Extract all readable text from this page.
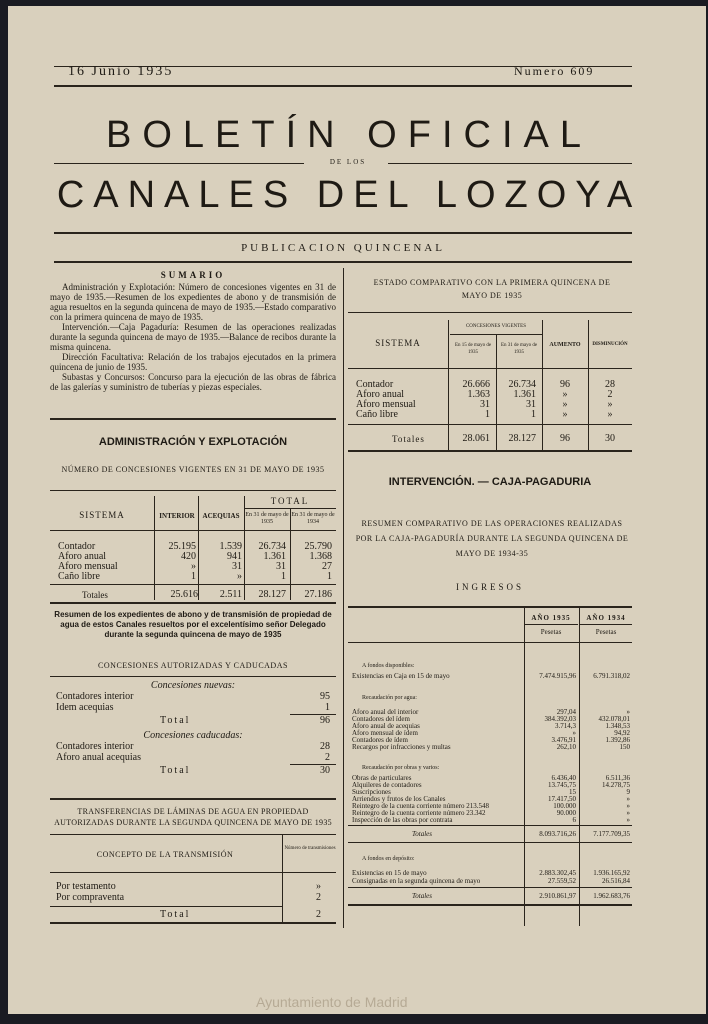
16 Junio 1935	Numero 609
BOLETÍN OFICIAL
DE LOS
CANALES DEL LOZOYA
PUBLICACION QUINCENAL
SUMARIO

Administración y Explotación: Número de concesiones vigentes en 31 de mayo de 1935.—Resumen de los expedientes de abono y de transmisión de agua resueltos en la segunda quincena de mayo de 1935.—Estado comparativo con la primera quincena de mayo de 1935.

Intervención.—Caja Pagaduría: Resumen de las operaciones realizadas durante la segunda quincena de mayo de 1935.—Balance de recibos durante la misma quincena.

Dirección Facultativa: Relación de los trabajos ejecutados en la primera quincena de junio de 1935.

Subastas y Concursos: Concurso para la ejecución de las obras de fábrica de las galerías y suministro de tuberías y piezas especiales.

ADMINISTRACIÓN Y EXPLOTACIÓN
NÚMERO DE CONCESIONES VIGENTES EN 31 DE MAYO DE 1935
SISTEMA	INTERIOR	ACEQUIAS
TOTAL
En 31 de mayo de 1935
En 31 de mayo de 1934
Contador	25.195	1.539	26.734	25.790
Aforo anual	420	941	1.361	1.368
Aforo mensual	»	31	31	27
Caño libre	1	»	1	1
Totales	25.616	2.511	28.127	27.186
Resumen de los expedientes de abono y de transmisión de propiedad de agua de estos Canales resueltos por el excelentísimo señor Delegado durante la segunda quincena de mayo de 1935
CONCESIONES AUTORIZADAS Y CADUCADAS
Concesiones nuevas:
Contadores interior	95
Idem acequias	1
Total	96
Concesiones caducadas:
Contadores interior	28
Aforo anual acequias	2
Total	30
TRANSFERENCIAS DE LÁMINAS DE AGUA EN PROPIEDAD AUTORIZADAS DURANTE LA SEGUNDA QUINCENA DE MAYO DE 1935
CONCEPTO DE LA TRANSMISIÓN
Número de transmisiones
Por testamento	»
Por compraventa	2
Total	2
ESTADO COMPARATIVO CON LA PRIMERA QUINCENA DE MAYO DE 1935
SISTEMA
CONCESIONES VIGENTES
En 15 de mayo de 1935
En 31 de mayo de 1935
AUMENTO	DISMINUCIÓN
Contador	26.666	26.734	96	28
Aforo anual	1.363	1.361	»	2
Aforo mensual	31	31	»	»
Caño libre	1	1	»	»
Totales	28.061	28.127	96	30
INTERVENCIÓN. — CAJA-PAGADURIA
RESUMEN COMPARATIVO DE LAS OPERACIONES REALIZADAS POR LA CAJA-PAGADURÍA DURANTE LA SEGUNDA QUINCENA DE MAYO DE 1934-35
INGRESOS
AÑO 1935	AÑO 1934
Pesetas	Pesetas
A fondos disponibles:
Existencias en Caja en 15 de mayo	7.474.915,96	6.791.318,02
Recaudación por agua:
Aforo anual del interior	297,04	»
Contadores del ídem	384.392,03	432.078,01
Aforo anual de acequias	3.714,3	1.348,53
Aforo mensual de ídem	»	94,92
Contadores de ídem	3.476,91	1.392,86
Recargos por infracciones y multas	262,10	150
Recaudación por obras y varios:
Obras de particulares	6.436,40	6.511,36
Alquileres de contadores	13.745,75	14.278,75
Suscripciones	15	9
Arriendos y frutos de los Canales	17.417,50	»
Reintegro de la cuenta corriente número 213.548	100.000	»
Reintegro de la cuenta corriente número 23.342	90.000	»
Inspección de las obras por contrata	6	»
Totales	8.093.716,26	7.177.709,35
A fondos en depósito:
Existencias en 15 de mayo	2.883.302,45	1.936.165,92
Consignadas en la segunda quincena de mayo	27.559,52	26.516,84
Totales	2.910.861,97	1.962.683,76
Ayuntamiento de Madrid
